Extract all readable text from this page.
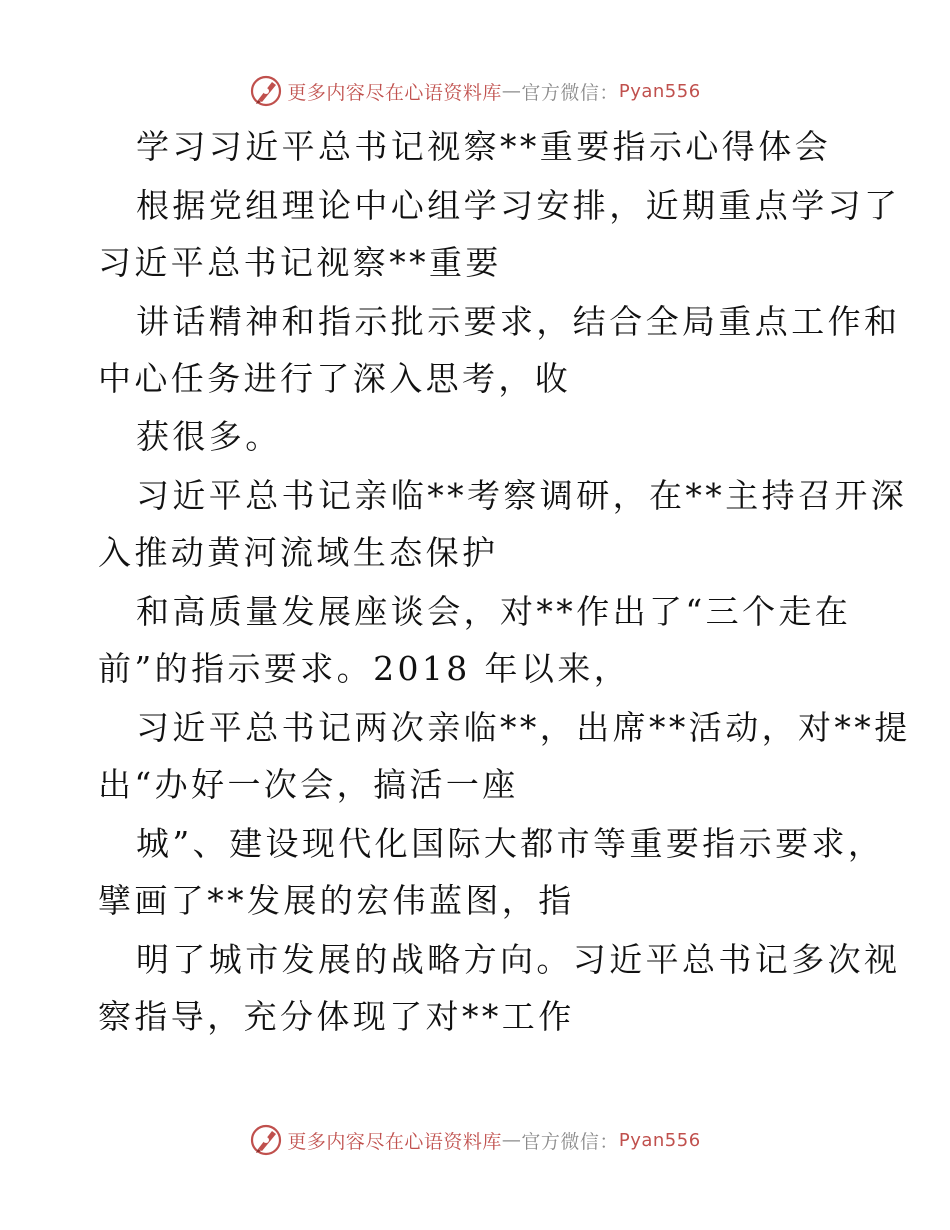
更多内容尽在心语资料库 — 官方微信： Pyan556
学习习近平总书记视察**重要指示心得体会
根据党组理论中心组学习安排，近期重点学习了
习近平总书记视察**重要
讲话精神和指示批示要求，结合全局重点工作和
中心任务进行了深入思考，收
获很多。
习近平总书记亲临**考察调研，在**主持召开深
入推动黄河流域生态保护
和高质量发展座谈会，对**作出了“三个走在
前”的指示要求。2018 年以来，
习近平总书记两次亲临**，出席**活动，对**提
出“办好一次会，搞活一座
城”、建设现代化国际大都市等重要指示要求，
擘画了**发展的宏伟蓝图，指
明了城市发展的战略方向。习近平总书记多次视
察指导，充分体现了对**工作
更多内容尽在心语资料库 — 官方微信： Pyan556
